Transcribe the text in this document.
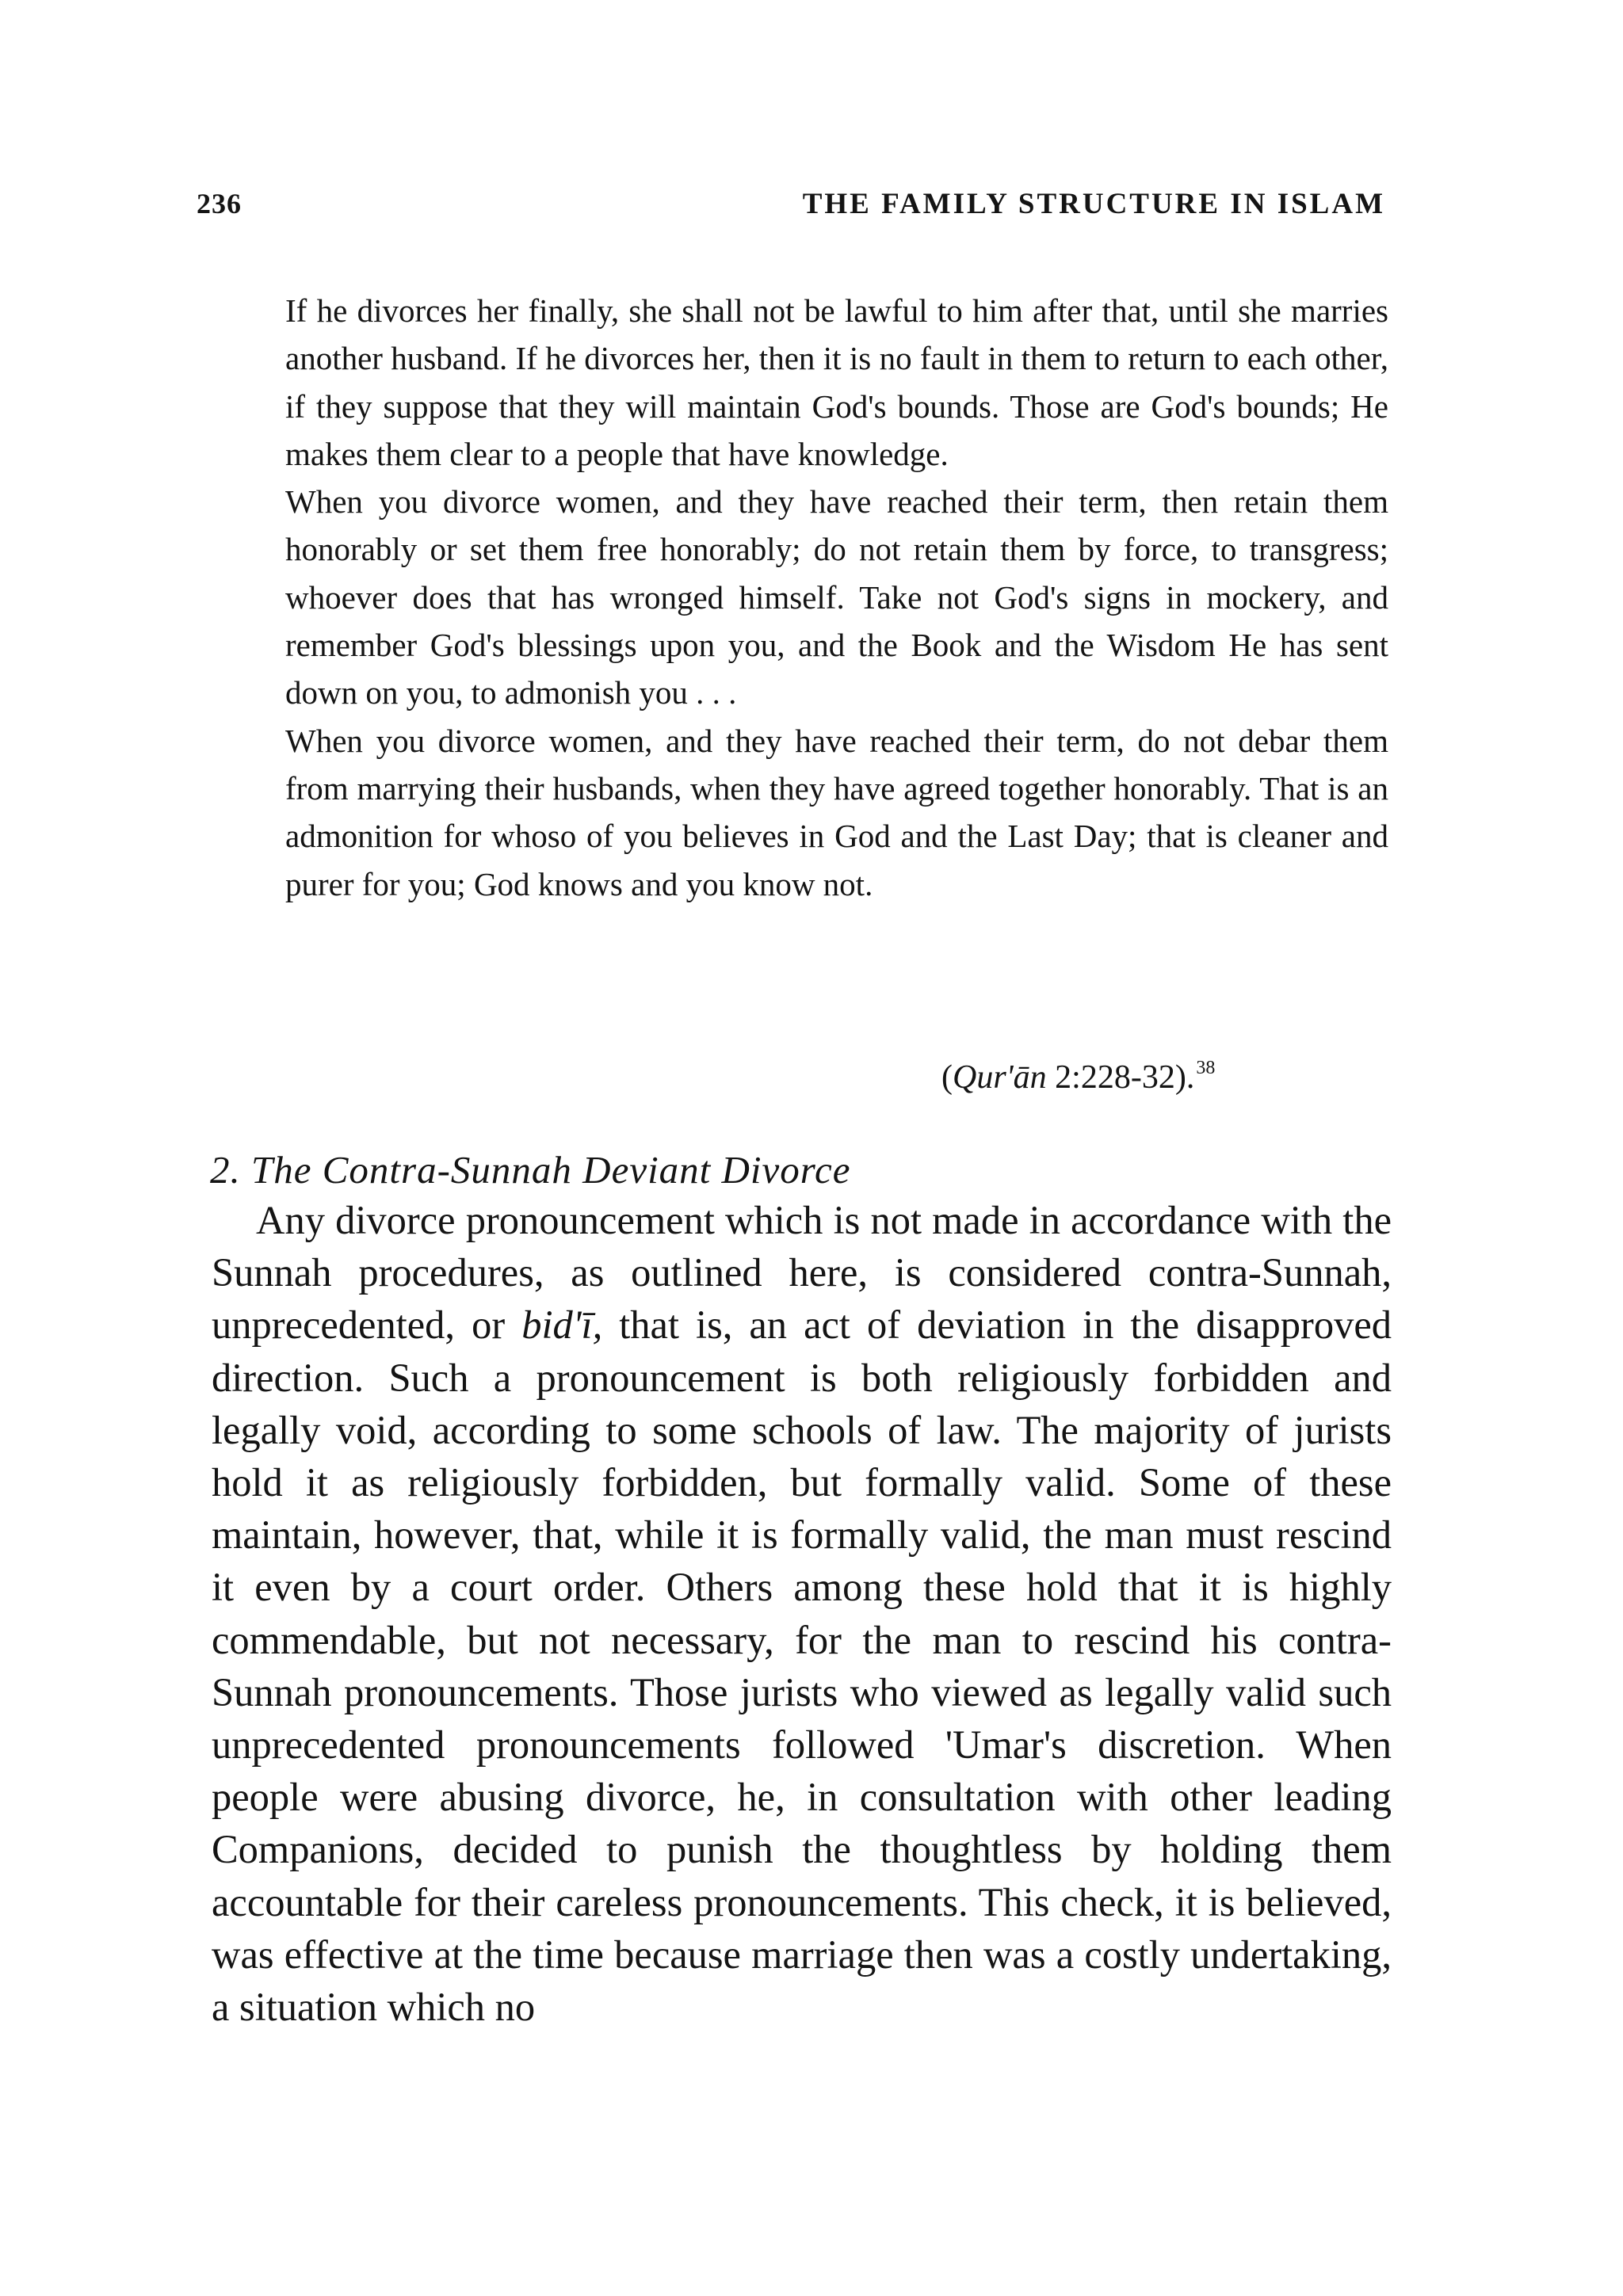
236	THE FAMILY STRUCTURE IN ISLAM

If he divorces her finally, she shall not be lawful to him after that, until she marries another husband. If he divorces her, then it is no fault in them to return to each other, if they suppose that they will maintain God's bounds. Those are God's bounds; He makes them clear to a people that have knowledge.

When you divorce women, and they have reached their term, then retain them honorably or set them free honorably; do not retain them by force, to transgress; whoever does that has wronged himself. Take not God's signs in mockery, and remember God's blessings upon you, and the Book and the Wisdom He has sent down on you, to admonish you . . .

When you divorce women, and they have reached their term, do not debar them from marrying their husbands, when they have agreed together honorably. That is an admonition for whoso of you believes in God and the Last Day; that is cleaner and purer for you; God knows and you know not.

(Qur'ān 2:228-32).$^{38}$
2. The Contra-Sunnah Deviant Divorce

Any divorce pronouncement which is not made in accordance with the Sunnah procedures, as outlined here, is considered contra-Sunnah, unprecedented, or bid'ī, that is, an act of deviation in the disapproved direction. Such a pronouncement is both religiously forbidden and legally void, according to some schools of law. The majority of jurists hold it as religiously forbidden, but formally valid. Some of these maintain, however, that, while it is formally valid, the man must rescind it even by a court order. Others among these hold that it is highly commendable, but not necessary, for the man to rescind his contra-Sunnah pronouncements. Those jurists who viewed as legally valid such unprecedented pronouncements followed 'Umar's discretion. When people were abusing divorce, he, in consultation with other leading Companions, decided to punish the thoughtless by holding them accountable for their careless pronouncements. This check, it is believed, was effective at the time because marriage then was a costly undertaking, a situation which no
